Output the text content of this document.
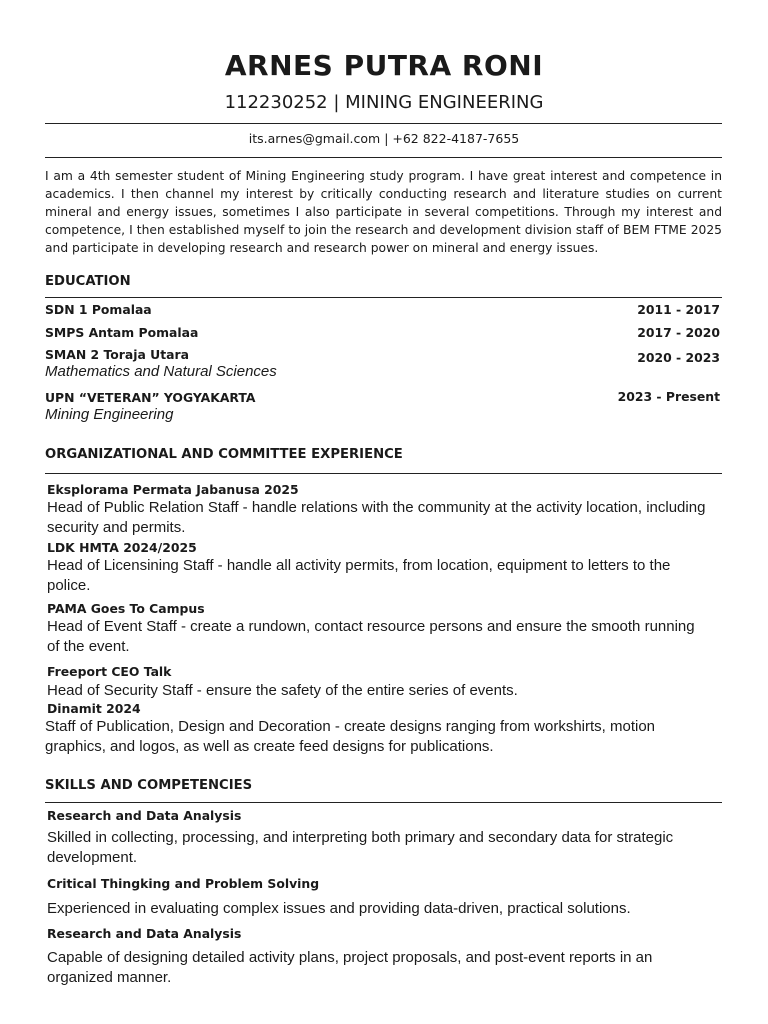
ARNES PUTRA RONI
112230252 | MINING ENGINEERING
its.arnes@gmail.com | +62 822-4187-7655

I am a 4th semester student of Mining Engineering study program. I have great interest and competence in academics. I then channel my interest by critically conducting research and literature studies on current mineral and energy issues, sometimes I also participate in several competitions. Through my interest and competence, I then established myself to join the research and development division staff of BEM FTME 2025 and participate in developing research and research power on mineral and energy issues.

EDUCATION
SDN 1 Pomalaa	2011 - 2017
SMPS Antam Pomalaa	2017 - 2020
SMAN 2 Toraja Utara	2020 - 2023
Mathematics and Natural Sciences
UPN “VETERAN” YOGYAKARTA	2023 - Present
Mining Engineering
ORGANIZATIONAL AND COMMITTEE EXPERIENCE
Eksplorama Permata Jabanusa 2025

Head of Public Relation Staff - handle relations with the community at the activity location, including security and permits.

LDK HMTA 2024/2025

Head of Licensining Staff - handle all activity permits, from location, equipment to letters to the police.

PAMA Goes To Campus

Head of Event Staff - create a rundown, contact resource persons and ensure the smooth running of the event.

Freeport CEO Talk

Head of Security Staff - ensure the safety of the entire series of events.

Dinamit 2024

Staff of Publication, Design and Decoration - create designs ranging from workshirts, motion graphics, and logos, as well as create feed designs for publications.

SKILLS AND COMPETENCIES
Research and Data Analysis

Skilled in collecting, processing, and interpreting both primary and secondary data for strategic development.

Critical Thingking and Problem Solving

Experienced in evaluating complex issues and providing data-driven, practical solutions.

Research and Data Analysis

Capable of designing detailed activity plans, project proposals, and post-event reports in an organized manner.
